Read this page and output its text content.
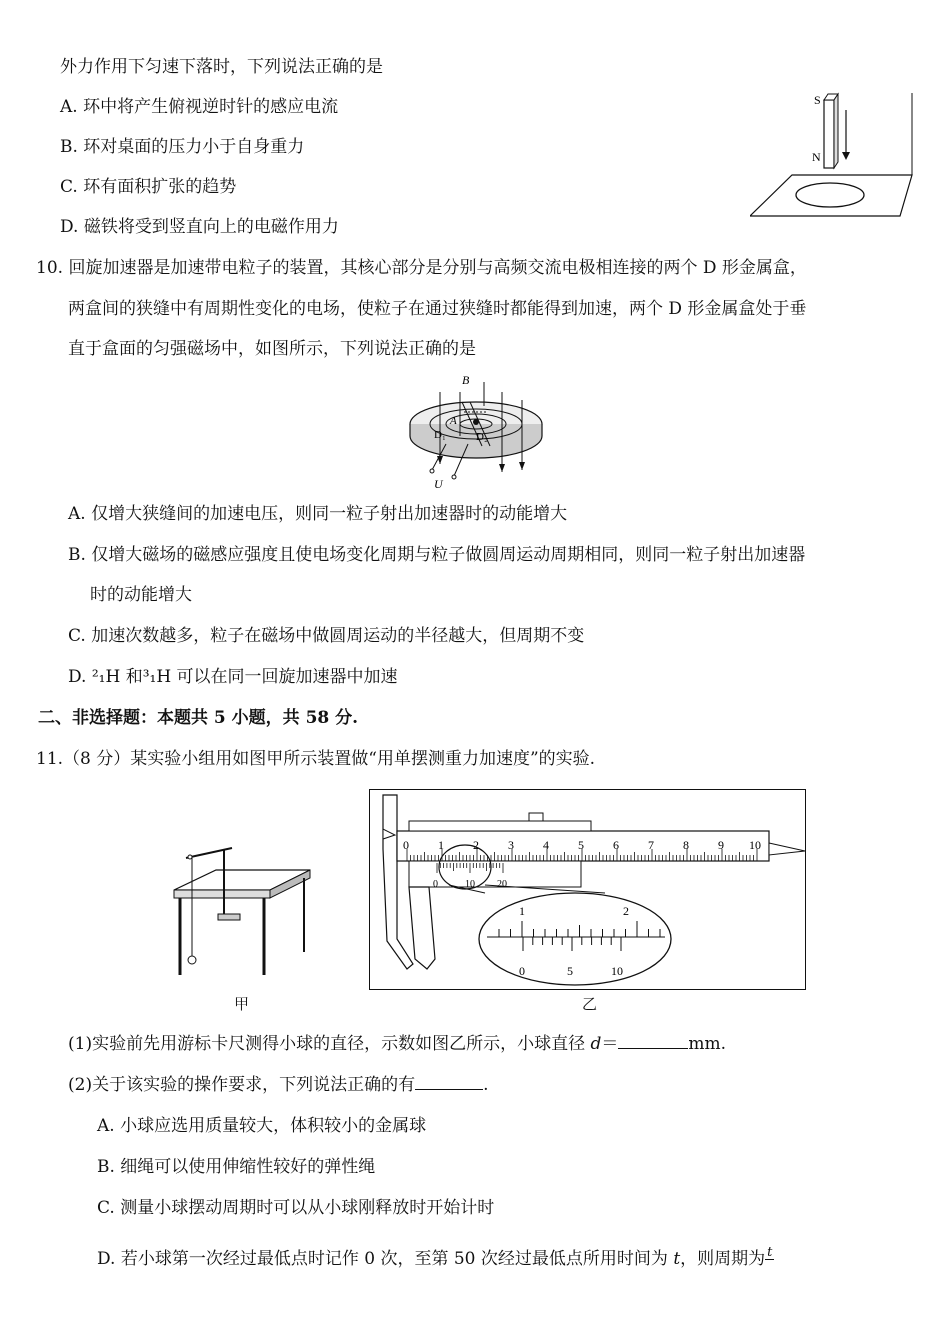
外力作用下匀速下落时，下列说法正确的是
A. 环中将产生俯视逆时针的感应电流
B. 环对桌面的压力小于自身重力
C. 环有面积扩张的趋势
D. 磁铁将受到竖直向上的电磁作用力
S
N
10. 回旋加速器是加速带电粒子的装置，其核心部分是分别与高频交流电极相连接的两个 D 形金属盒，
两盒间的狭缝中有周期性变化的电场，使粒子在通过狭缝时都能得到加速，两个 D 形金属盒处于垂
直于盒面的匀强磁场中，如图所示，下列说法正确的是
B
A
D₁	D₂
U
A. 仅增大狭缝间的加速电压，则同一粒子射出加速器时的动能增大
B. 仅增大磁场的磁感应强度且使电场变化周期与粒子做圆周运动周期相同，则同一粒子射出加速器
时的动能增大
C. 加速次数越多，粒子在磁场中做圆周运动的半径越大，但周期不变
D. ²₁H 和³₁H 可以在同一回旋加速器中加速
二、非选择题：本题共 5 小题，共 58 分.
11.（8 分）某实验小组用如图甲所示装置做“用单摆测重力加速度”的实验.
甲
0 1 2 3 4 5 6 7 8 9 10
0	10 20
1	2
0	5	10
乙
(1)实验前先用游标卡尺测得小球的直径，示数如图乙所示，小球直径 d＝	mm.
(2)关于该实验的操作要求，下列说法正确的有	.
A. 小球应选用质量较大，体积较小的金属球
B. 细绳可以使用伸缩性较好的弹性绳
C. 测量小球摆动周期时可以从小球刚释放时开始计时
D. 若小球第一次经过最低点时记作 0 次，至第 50 次经过最低点所用时间为 t，则周期为 t
